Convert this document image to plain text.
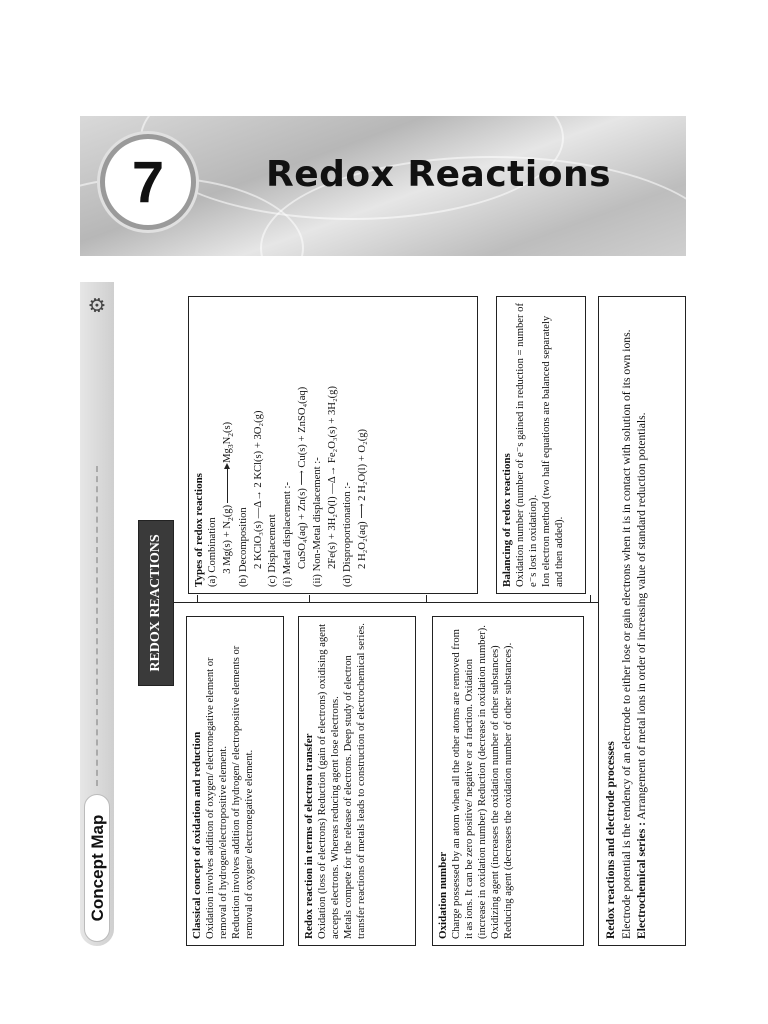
7	Redox Reactions
Concept Map
⚙
REDOX REACTIONS
Classical concept of oxidation and reduction Oxidation involves addition of oxygen/ electronegative element or removal of hydrogen/electropositive element. Reduction involves addition of hydrogen/ electropositive elements or removal of oxygen/ electronegative element.	Redox reaction in terms of electron transfer Oxidation (loss of electrons) Reduction (gain of electrons) oxidising agent accepts electrons. Whereas reducing agent lose electrons. Metals compete for the release of electrons. Deep study of electron transfer reactions of metals leads to construction of electrochemical series.	Oxidation number Charge possessed by an atom when all the other atoms are removed from it as ions. It can be zero positive/ negative or a fraction. Oxidation (increase in oxidation number) Reduction (decrease in oxidation number). Oxidizing agent (increases the oxidation number of other substances) Reducing agent (decreases the oxidation number of other substances).

Types of redox reactions (a) Combination 3 $Mg(s) + N_2(g)Mg_3N_2(s)$

(b) Decomposition 2 KClO₃(s) —Δ→ 2 KCl(s) + 3O₂(g) (c) Displacement (i) Metal displacement :- CuSO₄(aq) + Zn(s) ⟶ Cu(s) + ZnSO₄(aq) (ii) Non-Metal displacement :- 2Fe(s) + 3H₂O(l) —Δ→ Fe₂O₃(s) + 3H₂(g) (d) Disproportionation :- 2 H₂O₂(aq) ⟶ 2 H₂O(l) + O₂(g)	Balancing of redox reactions Oxidation number (number of e⁻s gained in reduction = number of e⁻s lost in oxidation). Ion electron method (two half equations are balanced separately and then added).

Redox reactions and electrode processes Electrode potential is the tendency of an electrode to either lose or gain electrons when it is in contact with solution of its own ions. Electrochemical series : Arrangement of metal ions in order of increasing value of standard reduction potentials.
